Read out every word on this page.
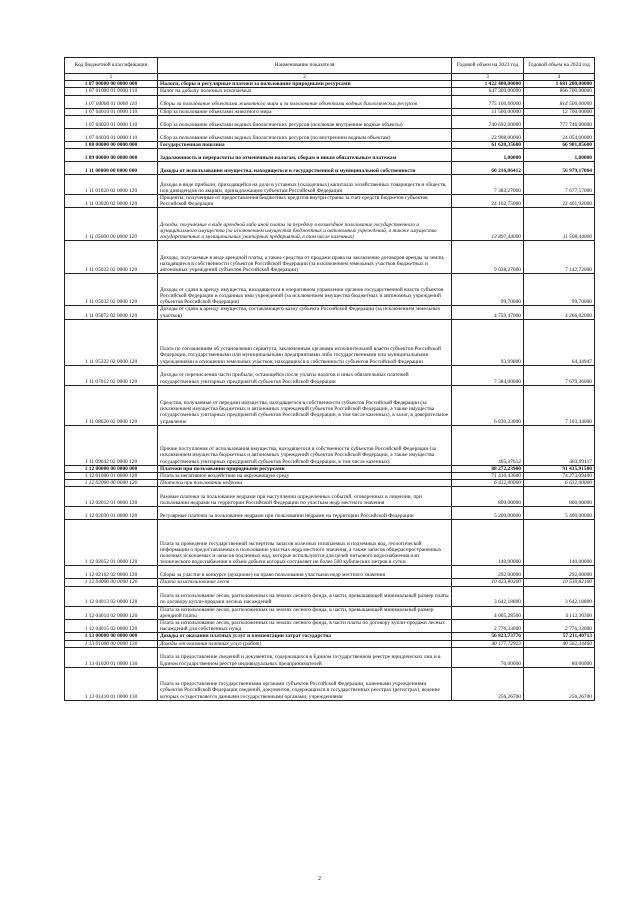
Код бюджетной классификации	Наименование показателя	Годовой объем на 2023 год	Годовой объем на 2024 год
1	2	3	4
1 07 00000 00 0000 000	Налоги, сборы и регулярные платежи за пользование природными ресурсами	1 422 400,00000	1 681 200,00000
1 07 01000 01 0000 110	Налог на добычу полезных ископаемых	647 300,00000	866 700,00000
1 07 04000 01 0000 110	Сборы за пользование объектами животного мира и за пользование объектами водных биологических ресурсов	775 100,00000	814 500,00000
1 07 04010 01 0000 110	Сбор за пользование объектами животного мира	11 500,00000	12 700,00000
1 07 04020 01 0000 110	Сбор за пользование объектами водных биологических ресурсов (исключая внутренние водные объекты)	740 692,00000	777 746,00000
1 07 04030 01 0000 110	Сбор за пользование объектами водных биологических ресурсов (по внутренним водным объектам)	22 908,00000	24 054,00000
1 08 00000 00 0000 000	Государственная пошлина	61 620,35600	66 901,85600
1 09 00000 00 0000 000	Задолженность и перерасчеты по отмененным налогам, сборам и иным обязательным платежам	1,00000	1,00000
1 11 00000 00 0000 000	Доходы от использования имущества, находящегося в государственной и муниципальной собственности	60 216,06412	56 979,17064
1 11 01020 02 0000 120	Доходы в виде прибыли, приходящейся на доли в уставных (складочных) капиталах хозяйственных товариществ и обществ, или дивидендов по акциям, принадлежащим субъектам Российской Федерации	7 382,27000	7 677,57000
1 11 03020 02 0000 120	Проценты, полученные от предоставления бюджетных кредитов внутри страны за счет средств бюджетов субъектов Российской Федерации	24 162,75000	22 461,92000
1 11 05000 00 0000 120	Доходы, получаемые в виде арендной либо иной платы за передачу в возмездное пользование государственного и муниципального имущества (за исключением имущества бюджетных и автономных учреждений, а также имущества государственных и муниципальных унитарных предприятий, в том числе казенных)	13 897,44000	11 508,44000
1 11 05022 02 0000 120	Доходы, получаемые в виде арендной платы, а также средства от продажи права на заключение договоров аренды за земли, находящиеся в собственности субъектов Российской Федерации (за исключением земельных участков бюджетных и автономных учреждений субъектов Российской Федерации)	9 038,27000	7 142,72000
1 11 05032 02 0000 120	Доходы от сдачи в аренду имущества, находящегося в оперативном управлении органов государственной власти субъектов Российской Федерации и созданных ими учреждений (за исключением имущества бюджетных и автономных учреждений субъектов Российской Федерации)	99,70000	99,70000
1 11 05072 02 0000 120	Доходы от сдачи в аренду имущества, составляющего казну субъекта Российской Федерации (за исключением земельных участков)	4 759,47000	4 266,02000
1 11 05322 02 0000 120	Плата по соглашениям об установлении сервитута, заключенным органами исполнительной власти субъектов Российской Федерации, государственными или муниципальными предприятиями либо государственными или муниципальными учреждениями в отношении земельных участков, находящихся в собственности субъектов Российской Федерации	93,99800	64,44947
1 11 07012 02 0000 120	Доходы от перечисления части прибыли, остающейся после уплаты налогов и иных обязательных платежей государственных унитарных предприятий субъектов Российской Федерации	7 384,00000	7 679,36000
1 11 08020 02 0000 120	Средства, получаемые от передачи имущества, находящегося в собственности субъектов Российской Федерации (за исключением имущества бюджетных и автономных учреждений субъектов Российской Федерации, а также имущества государственных унитарных предприятий субъектов Российской Федерации, в том числе казенных), в залог, в доверительное управление	6 830,23000	7 103,44000
1 11 09042 02 0000 120	Прочие поступления от использования имущества, находящегося в собственности субъектов Российской Федерации (за исключением имущества бюджетных и автономных учреждений субъектов Российской Федерации, а также имущества государственных унитарных предприятий субъектов Российской Федерации, в том числе казенных)	465,37612	483,99117
1 12 00000 00 0000 000	Платежи при пользовании природными ресурсами	88 272,23900	91 435,91500
1 12 01000 01 0000 120	Плата за негативное воздействие на окружающую среду	71 416,43600	74 273,09400
1 12 02000 00 0000 120	Платежи при пользовании недрами	6 432,00000	6 632,00000
1 12 02012 01 0000 120	Разовые платежи за пользование недрами при наступлении определенных событий, оговоренных в лицензии, при пользовании недрами на территории Российской Федерации по участкам недр местного значения	800,00000	800,00000
1 12 02030 01 0000 120	Регулярные платежи за пользование недрами при пользовании недрами на территории Российской Федерации	5 200,00000	5 400,00000
1 12 02052 01 0000 120	Плата за проведение государственной экспертизы запасов полезных ископаемых и подземных вод, геологической информации о предоставляемых в пользование участках недр местного значения, а также запасов общераспространенных полезных ископаемых и запасов подземных вод, которые используются для целей питьевого водоснабжения или технического водоснабжения и объем добычи которых составляет не более 500 кубических метров в сутки	140,00000	140,00000
1 12 02102 02 0000 120	Сборы за участие в конкурсе (аукционе) на право пользования участками недр местного значения	292,00000	292,00000
1 12 04000 00 0000 120	Плата за использование лесов	10 423,80300	10 530,82100
1 12 04013 02 0000 120	Плата за использование лесов, расположенных на землях лесного фонда, в части, превышающей минимальный размер платы по договору купли-продажи лесных насаждений	3 642,18800	3 642,18800
1 12 04014 02 0000 120	Плата за использование лесов, расположенных на землях лесного фонда, в части, превышающей минимальный размер арендной платы	4 005,28500	4 112,30300
1 12 04015 02 0000 120	Плата за использование лесов, расположенных на землях лесного фонда, в части платы по договору купли-продажи лесных насаждений для собственных нужд	2 776,33000	2 776,33000
1 13 00000 00 0000 000	Доходы от оказания платных услуг и компенсации затрат государства	56 823,73776	57 211,40713
1 13 01000 00 0000 130	Доходы от оказания платных услуг (работ)	40 177,72923	40 562,34460
1 13 01020 01 0000 130	Плата за предоставление сведений и документов, содержащихся в Едином государственном реестре юридических лиц и в Едином государственном реестре индивидуальных предпринимателей	70,00000	80,00000
1 13 01410 01 0000 130	Плата за предоставление государственными органами субъектов Российской Федерации, казенными учреждениями субъектов Российской Федерации сведений, документов, содержащихся в государственных реестрах (регистрах), ведение которых осуществляется данными государственными органами, учреждениями	256,26700	256,26700
2
